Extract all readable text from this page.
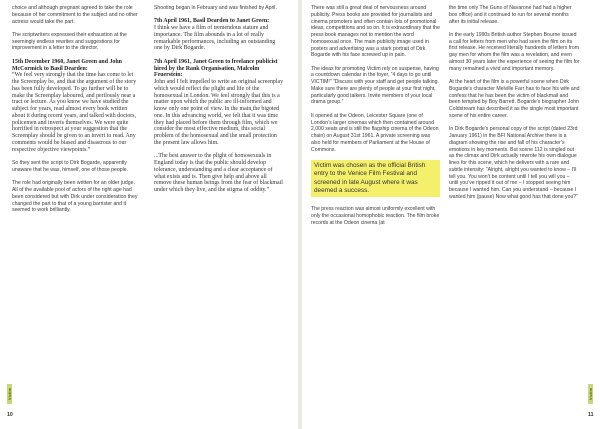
choice and although pregnant agreed to take the role because of her commitment to the subject and no other actress would take the part.

The scriptwriters expressed their exhaustion at the seemingly endless rewrites and suggestions for improvement in a letter to the director.

15th December 1960, Janet Green and John McCormick to Basil Dearden:
“We feel very strongly that the time has come to let the Screenplay be, and that the argument of the story has been fully developed. To go further will be to make the Screenplay laboured, and perilously near a tract or lecture. As you know we have studied the subject for years, read almost every book written about it during recent years, and talked with doctors, policemen and inverts themselves. We were quite horrified in retrospect at your suggestion that the Screenplay should be given to an invert to read. Any comments would be biased and disastrous to our respective objective viewpoints.”

So they sent the script to Dirk Bogarde, apparently unaware that he was, himself, one of those people.

The role had originally been written for an older judge. All of the available pool of actors of the right age had been considered but with Dirk under consideration they changed the part to that of a young barrister and it seemed to work brilliantly.

Shooting began in February and was finished by April.

7th April 1961, Basil Dearden to Janet Green:
I think we have a film of tremendous stature and importance. The film abounds in a lot of really remarkable performances, including an outstanding one by Dirk Bogarde.
7th April 1961, Janet Green to freelance publicist hired by the Rank Organisation, Malcolm Feuerstein:
John and I felt impelled to write an original screenplay which would reflect the plight and life of the homosexual in London. We feel strongly that this is a matter upon which the public are ill-informed and know only one point of view. In the main,the bigoted one. In this advancing world, we felt that it was time they had placed before them through film, which we consider the most effective medium, this social problem of the homosexual and the small protection the present law allows him.
...The best answer to the plight of homosexuals in England today is that the public should develop tolerance, understanding and a clear acceptance of what exists and is. Then give help and above all remove these human beings from the fear of blackmail under which they live, and the stigma of oddity.”
Victim
10

There was still a great deal of nervousness around publicity. Press books are provided for journalists and cinema promoters and often contain lots of promotional ideas, competitions and so on. It is extraordinary that the press book manages not to mention the word homosexual once. The main publicity image used in posters and advertising was a stark portrait of Dirk Bogarde with his face screwed up in pain.

The ideas for promoting Victim rely on suspense, having a countdown calendar in the foyer, “4 days to go until VICTIM!” “Discuss with your staff and get people talking. Make sure there are plenty of people at your first night, particularly good talkers. Invite members of your local drama group.”

It opened at the Odeon, Leicester Square (one of London’s larger cinemas which then contained around 2,000 seats and is still the flagship cinema of the Odeon chain) on August 31st 1961. A private screening was also held for members of Parliament at the House of Commons.

Victim was chosen as the official British entry to the Venice Film Festival and screened in late August where it was deemed a success.

The press reaction was almost uniformly excellent with only the occasional homophobic reaction. The film broke records at the Odeon cinema (at

the time only The Guns of Navarone had had a higher box office) and it continued to run for several months after its initial release.

In the early 1990s British author Stephen Bourne issued a call for letters from men who had seen the film on its first release. He received literally hundreds of letters from gay men for whom the film was a revelation, and even almost 30 years later the experience of seeing the film for many remained a vivid and important memory.

At the heart of the film is a powerful scene when Dirk Bogarde’s character Melville Farr has to face his wife and confess that he has been the victim of blackmail and been tempted by Boy Barrett. Bogarde’s biographer John Coldstream has described it as the single most important scene of his entire career.

In Dirk Bogarde’s personal copy of the script (dated 23rd January 1961) in the BFI National Archive there is a diagram showing the rise and fall of his character’s emotions in key moments. But scene 112 is singled out as the climax and Dirk actually rewrote his own dialogue lines for this scene, which he delivers with a rare and subtle intensity: “Alright, alright you wanted to know – I’ll tell you. You won’t be content until I tell you will you – until you’ve ripped it out of me – I stopped seeing him because I wanted him. Can you understand – because I wanted him (pause) Now what good has that done you?”

Victim
11
